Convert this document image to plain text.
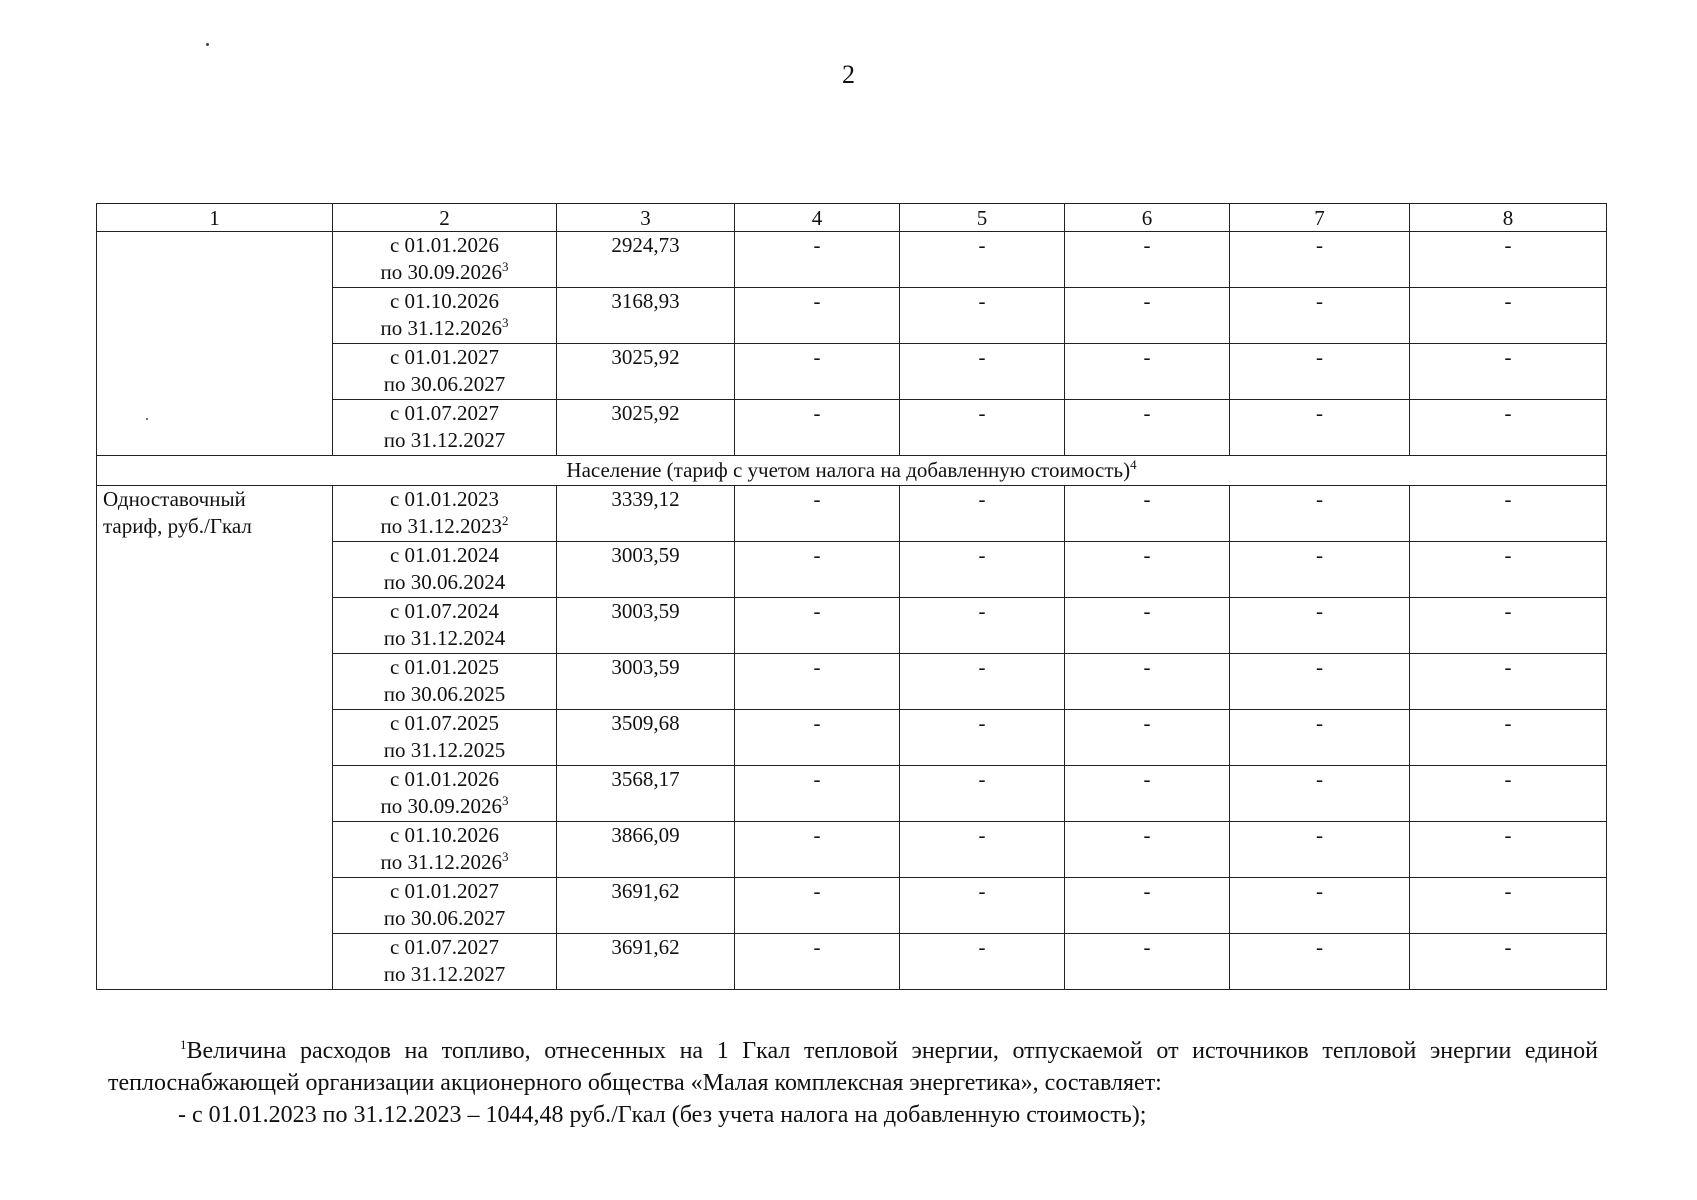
2
1	2	3	4	5	6	7	8
	с 01.01.2026
по 30.09.2026$^3$	2924,73	-	-	-	-	-
	с 01.10.2026
по 31.12.2026$^3$	3168,93	-	-	-	-	-
	с 01.01.2027
по 30.06.2027	3025,92	-	-	-	-	-
	с 01.07.2027
по 31.12.2027	3025,92	-	-	-	-	-
Население (тариф с учетом налога на добавленную стоимость)$^4$
Одноставочный
тариф, руб./Гкал	с 01.01.2023
по 31.12.2023$^2$	3339,12	-	-	-	-	-
	с 01.01.2024
по 30.06.2024	3003,59	-	-	-	-	-
	с 01.07.2024
по 31.12.2024	3003,59	-	-	-	-	-
	с 01.01.2025
по 30.06.2025	3003,59	-	-	-	-	-
	с 01.07.2025
по 31.12.2025	3509,68	-	-	-	-	-
	с 01.01.2026
по 30.09.2026$^3$	3568,17	-	-	-	-	-
	с 01.10.2026
по 31.12.2026$^3$	3866,09	-	-	-	-	-
	с 01.01.2027
по 30.06.2027	3691,62	-	-	-	-	-
	с 01.07.2027
по 31.12.2027	3691,62	-	-	-	-	-

$^1$Величина расходов на топливо, отнесенных на 1 Гкал тепловой энергии, отпускаемой от источников тепловой энергии единой теплоснабжающей организации акционерного общества «Малая комплексная энергетика», составляет:

- с 01.01.2023 по 31.12.2023 – 1044,48 руб./Гкал (без учета налога на добавленную стоимость);
